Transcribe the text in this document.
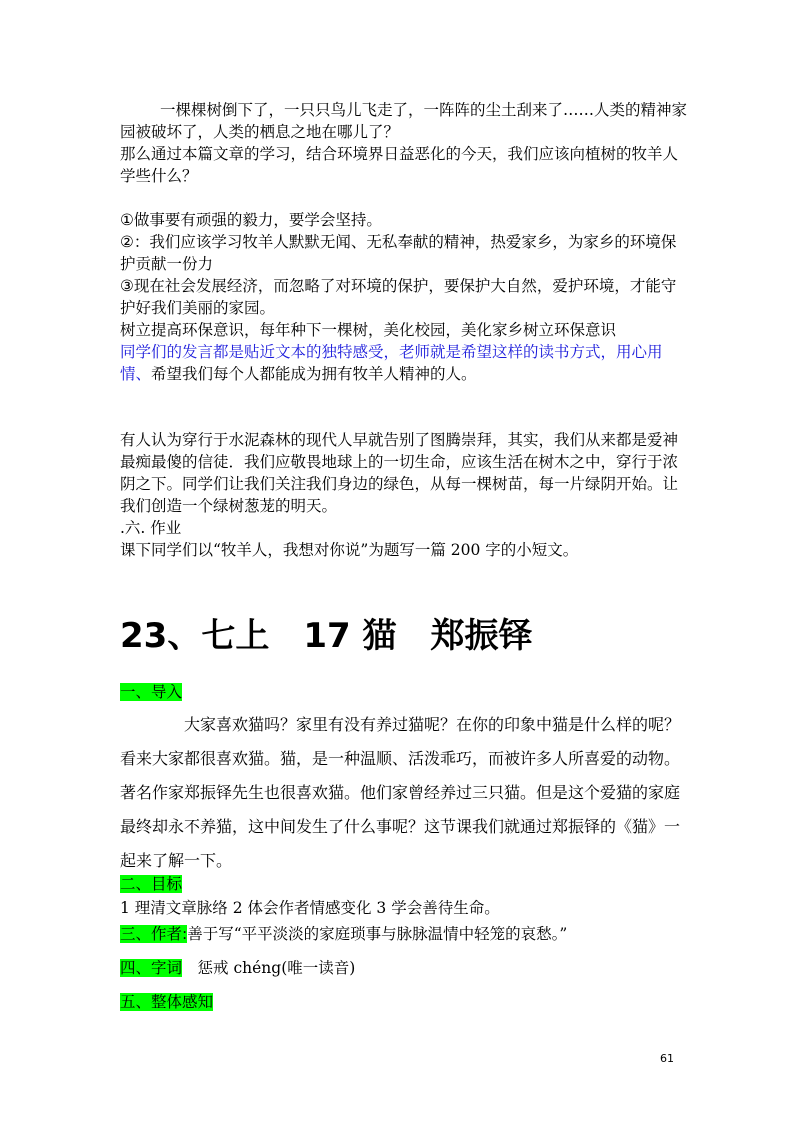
一棵棵树倒下了，一只只鸟儿飞走了，一阵阵的尘土刮来了……人类的精神家园被破坏了，人类的栖息之地在哪儿了？

那么通过本篇文章的学习，结合环境界日益恶化的今天，我们应该向植树的牧羊人学些什么？

①做事要有顽强的毅力，要学会坚持。

②：我们应该学习牧羊人默默无闻、无私奉献的精神，热爱家乡，为家乡的环境保护贡献一份力

③现在社会发展经济，而忽略了对环境的保护，要保护大自然，爱护环境，才能守护好我们美丽的家园。

树立提高环保意识，每年种下一棵树，美化校园，美化家乡树立环保意识

同学们的发言都是贴近文本的独特感受，老师就是希望这样的读书方式，用心用情、希望我们每个人都能成为拥有牧羊人精神的人。

有人认为穿行于水泥森林的现代人早就告别了图腾崇拜，其实，我们从来都是爱神最痴最傻的信徒．我们应敬畏地球上的一切生命，应该生活在树木之中，穿行于浓阴之下。同学们让我们关注我们身边的绿色，从每一棵树苗，每一片绿阴开始。让我们创造一个绿树葱茏的明天。

.六. 作业

课下同学们以“牧羊人，我想对你说”为题写一篇 200 字的小短文。

23、七上　17 猫　郑振铎

一、导入

大家喜欢猫吗？家里有没有养过猫呢？在你的印象中猫是什么样的呢？看来大家都很喜欢猫。猫，是一种温顺、活泼乖巧，而被许多人所喜爱的动物。著名作家郑振铎先生也很喜欢猫。他们家曾经养过三只猫。但是这个爱猫的家庭最终却永不养猫，这中间发生了什么事呢？这节课我们就通过郑振铎的《猫》一起来了解一下。

二、目标

1 理清文章脉络 2 体会作者情感变化 3 学会善待生命。

三、作者:善于写“平平淡淡的家庭琐事与脉脉温情中轻笼的哀愁。”

四、字词　 惩戒 chéng(唯一读音)

五、整体感知

61
